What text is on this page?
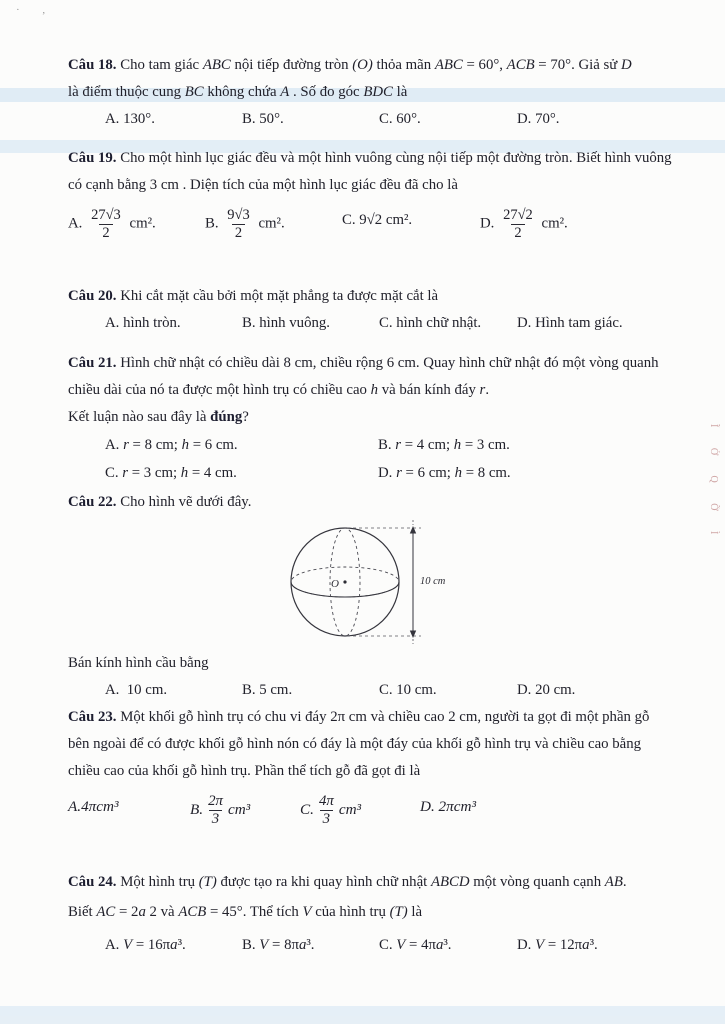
· ,
Ĩ Ở Q Ỡ Ì

Câu 18. Cho tam giác ABC nội tiếp đường tròn (O) thỏa mãn ABC = 60°, ACB = 70°. Giả sử D

là điểm thuộc cung BC không chứa A . Số đo góc BDC là

A. 130°.	B. 50°.	C. 60°.	D. 70°.

Câu 19. Cho một hình lục giác đều và một hình vuông cùng nội tiếp một đường tròn. Biết hình vuông

có cạnh bằng 3 cm . Diện tích của một hình lục giác đều đã cho là

A. $\frac{27√3}{2} cm^2$.	B. $\frac{9√3}{2} cm^2$.	C. 9√2 cm².	D. $\frac{27√2}{2} cm^2$.

Câu 20. Khi cắt mặt cầu bởi một mặt phẳng ta được mặt cắt là

A. hình tròn.	B. hình vuông.	C. hình chữ nhật.	D. Hình tam giác.

Câu 21. Hình chữ nhật có chiều dài 8 cm, chiều rộng 6 cm. Quay hình chữ nhật đó một vòng quanh

chiều dài của nó ta được một hình trụ có chiều cao h và bán kính đáy r.

Kết luận nào sau đây là đúng?

A. r = 8 cm; h = 6 cm.	B. r = 4 cm; h = 3 cm.
C. r = 3 cm; h = 4 cm.	D. r = 6 cm; h = 8 cm.

Câu 22. Cho hình vẽ dưới đây.

O	10 cm

Bán kính hình cầu bằng

A.  10 cm.	B. 5 cm.	C. 10 cm.	D. 20 cm.

Câu 23. Một khối gỗ hình trụ có chu vi đáy 2π cm và chiều cao 2 cm, người ta gọt đi một phần gỗ

bên ngoài để có được khối gỗ hình nón có đáy là một đáy của khối gỗ hình trụ và chiều cao bằng

chiều cao của khối gỗ hình trụ. Phần thể tích gỗ đã gọt đi là

A.4πcm³	B. $\frac{2\pi}{3} cm^3$	C. $\frac{4\pi}{3} cm^3$	D. 2πcm³

Câu 24. Một hình trụ (T) được tạo ra khi quay hình chữ nhật ABCD một vòng quanh cạnh AB.

Biết AC = 2a 2 và ACB = 45°. Thể tích V của hình trụ (T) là

A. V = 16πa³.	B. V = 8πa³.	C. V = 4πa³.	D. V = 12πa³.
